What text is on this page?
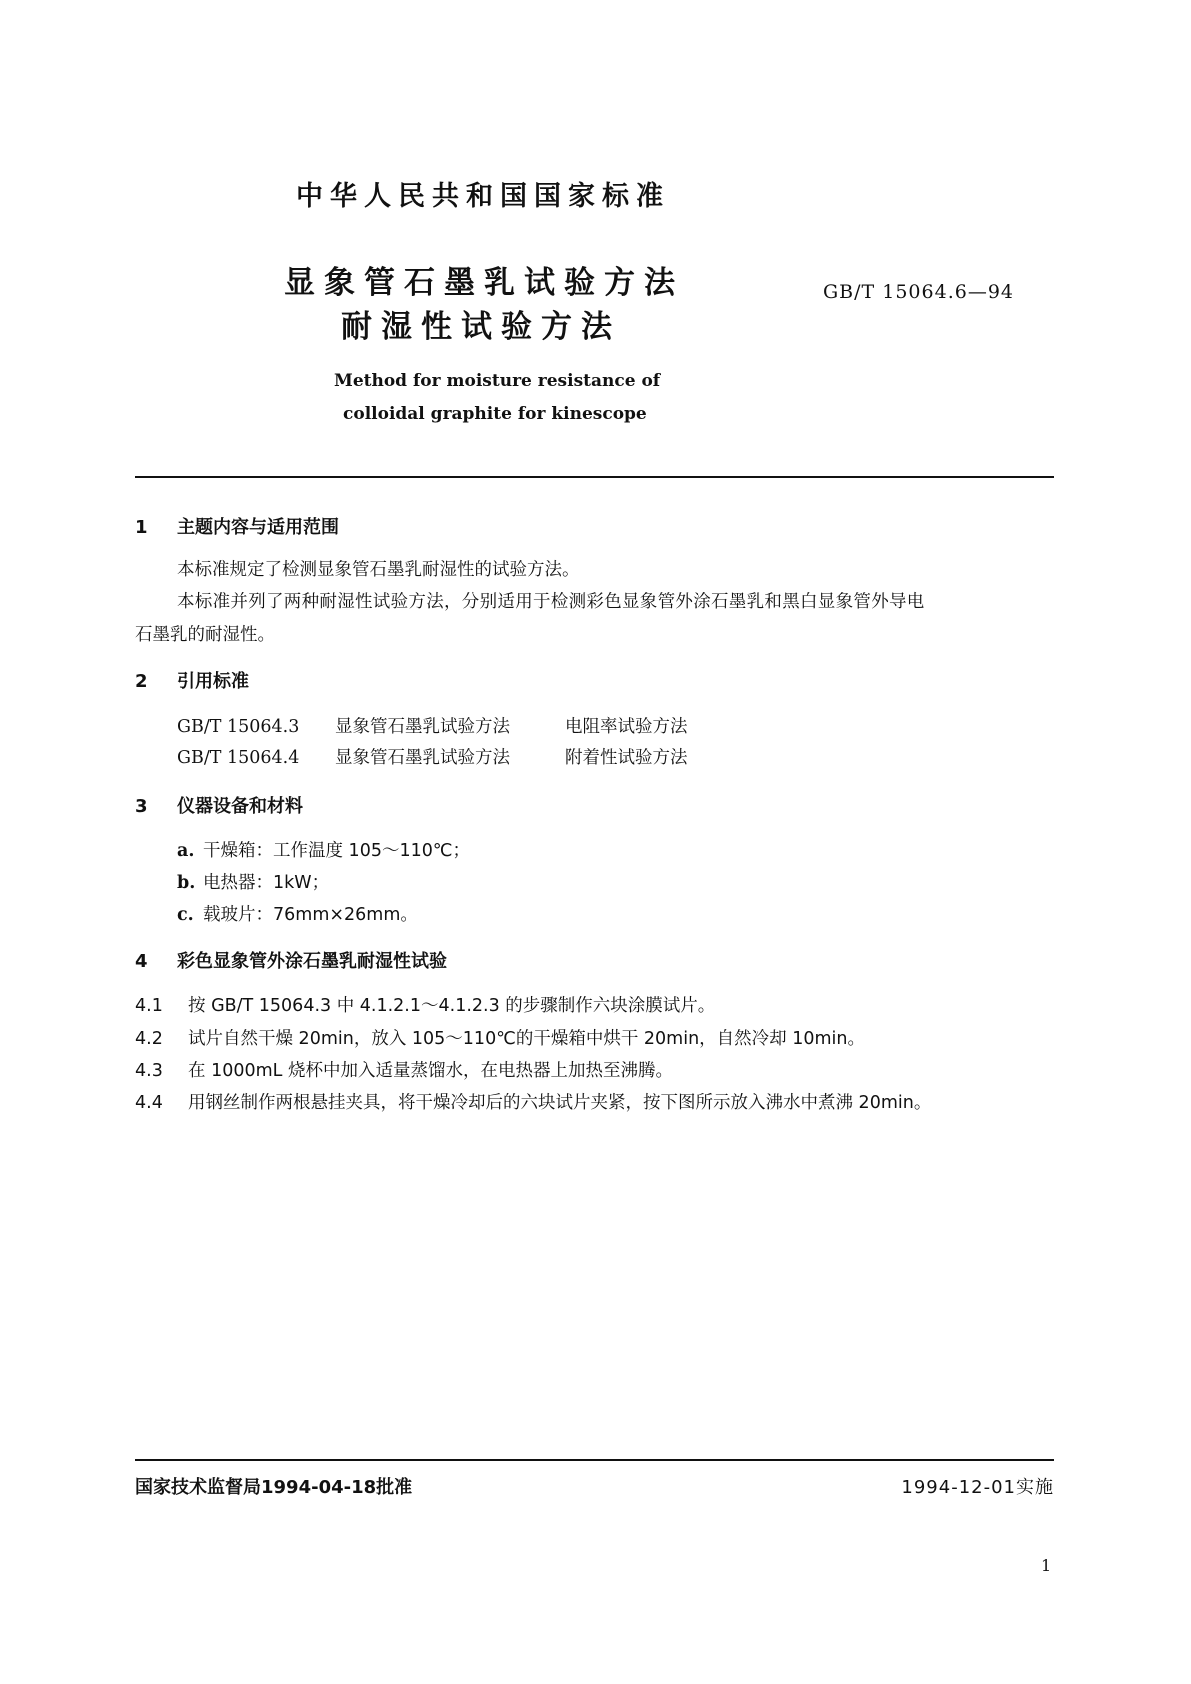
中华人民共和国国家标准
显象管石墨乳试验方法
耐湿性试验方法
GB/T 15064.6—94
Method for moisture resistance of
colloidal graphite for kinescope
1 主题内容与适用范围
本标准规定了检测显象管石墨乳耐湿性的试验方法。
本标准并列了两种耐湿性试验方法，分别适用于检测彩色显象管外涂石墨乳和黑白显象管外导电
石墨乳的耐湿性。
2 引用标准
GB/T 15064.3 显象管石墨乳试验方法	电阻率试验方法
GB/T 15064.4 显象管石墨乳试验方法	附着性试验方法
3 仪器设备和材料
a. 干燥箱：工作温度 105～110℃；
b. 电热器：1kW；
c. 载玻片：76mm×26mm。
4 彩色显象管外涂石墨乳耐湿性试验
4.1 按 GB/T 15064.3 中 4.1.2.1～4.1.2.3 的步骤制作六块涂膜试片。
4.2 试片自然干燥 20min，放入 105～110℃的干燥箱中烘干 20min，自然冷却 10min。
4.3 在 1000mL 烧杯中加入适量蒸馏水，在电热器上加热至沸腾。
4.4 用钢丝制作两根悬挂夹具，将干燥冷却后的六块试片夹紧，按下图所示放入沸水中煮沸 20min。
国家技术监督局1994-04-18批准	1994-12-01实施
1
